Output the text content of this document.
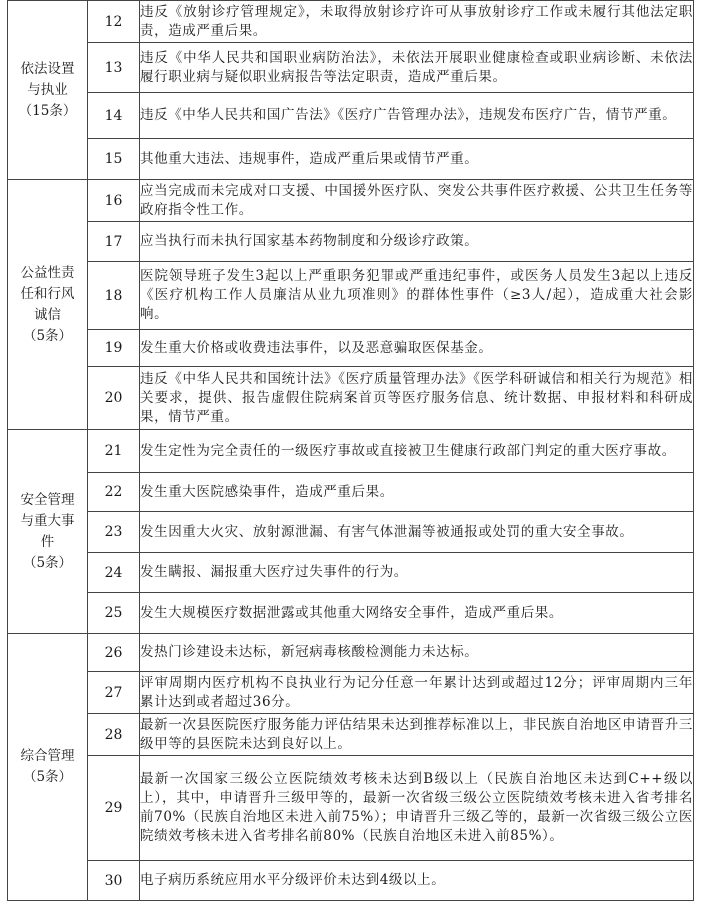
依法设置
与执业
（15条）	12	违反《放射诊疗管理规定》，未取得放射诊疗许可从事放射诊疗工作或未履行其他法定职责，造成严重后果。
	13	违反《中华人民共和国职业病防治法》，未依法开展职业健康检查或职业病诊断、未依法履行职业病与疑似职业病报告等法定职责，造成严重后果。
	14	违反《中华人民共和国广告法》《医疗广告管理办法》，违规发布医疗广告，情节严重。
	15	其他重大违法、违规事件，造成严重后果或情节严重。

公益性责
任和行风
诚信
（5条）	16	应当完成而未完成对口支援、中国援外医疗队、突发公共事件医疗救援、公共卫生任务等政府指令性工作。
	17	应当执行而未执行国家基本药物制度和分级诊疗政策。
	18	医院领导班子发生3起以上严重职务犯罪或严重违纪事件，或医务人员发生3起以上违反《医疗机构工作人员廉洁从业九项准则》的群体性事件（≥3人/起），造成重大社会影响。
	19	发生重大价格或收费违法事件，以及恶意骗取医保基金。
	20	违反《中华人民共和国统计法》《医疗质量管理办法》《医学科研诚信和相关行为规范》相关要求，提供、报告虚假住院病案首页等医疗服务信息、统计数据、申报材料和科研成果，情节严重。

安全管理
与重大事
件
（5条）	21	发生定性为完全责任的一级医疗事故或直接被卫生健康行政部门判定的重大医疗事故。
	22	发生重大医院感染事件，造成严重后果。
	23	发生因重大火灾、放射源泄漏、有害气体泄漏等被通报或处罚的重大安全事故。
	24	发生瞒报、漏报重大医疗过失事件的行为。
	25	发生大规模医疗数据泄露或其他重大网络安全事件，造成严重后果。

综合管理
（5条）	26	发热门诊建设未达标，新冠病毒核酸检测能力未达标。
	27	评审周期内医疗机构不良执业行为记分任意一年累计达到或超过12分；评审周期内三年累计达到或者超过36分。
	28	最新一次县医院医疗服务能力评估结果未达到推荐标准以上，非民族自治地区申请晋升三级甲等的县医院未达到良好以上。
	29	最新一次国家三级公立医院绩效考核未达到B级以上（民族自治地区未达到C++级以上），其中，申请晋升三级甲等的，最新一次省级三级公立医院绩效考核未进入省考排名前70%（民族自治地区未进入前75%）；申请晋升三级乙等的，最新一次省级三级公立医院绩效考核未进入省考排名前80%（民族自治地区未进入前85%）。
	30	电子病历系统应用水平分级评价未达到4级以上。
